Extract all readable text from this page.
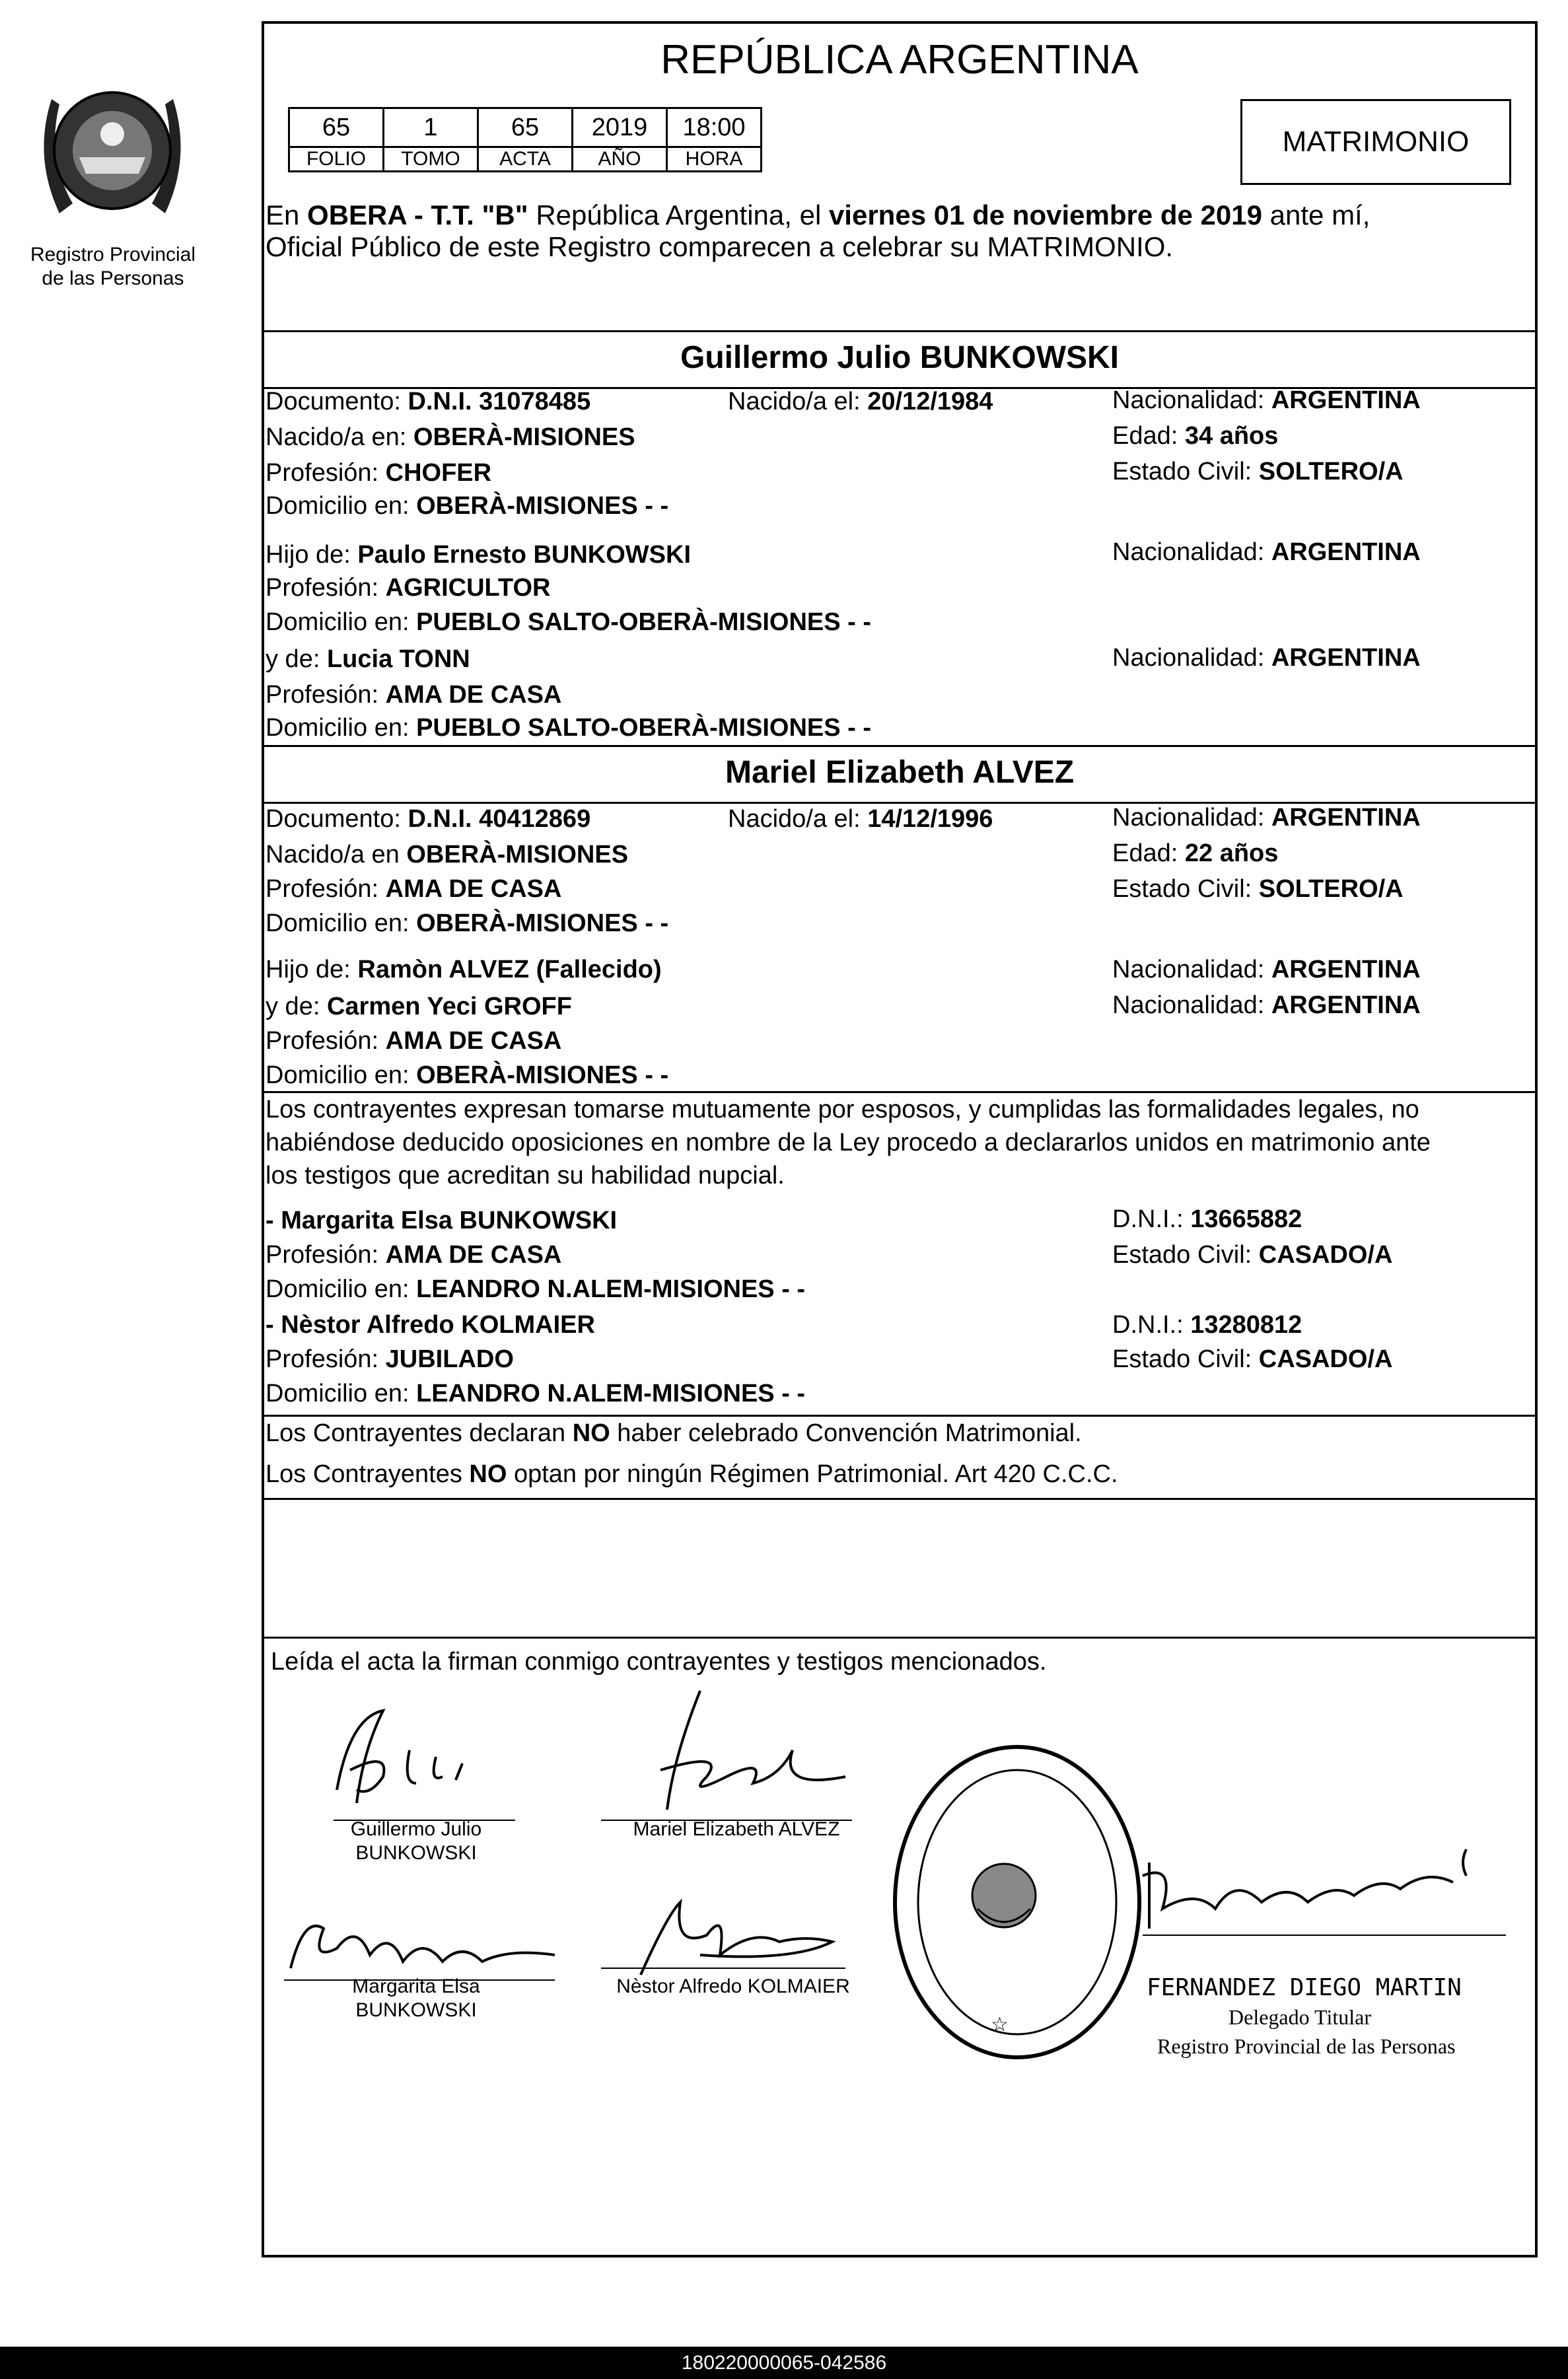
Registro Provincial
de las Personas
REPÚBLICA ARGENTINA
65	1	65	2019	18:00
FOLIO	TOMO	ACTA	AÑO	HORA
MATRIMONIO
En OBERA - T.T. "B" República Argentina, el viernes 01 de noviembre de 2019 ante mí,
Oficial Público de este Registro comparecen a celebrar su MATRIMONIO.
Guillermo Julio BUNKOWSKI
Documento: D.N.I. 31078485	Nacido/a el: 20/12/1984	Nacionalidad: ARGENTINA
Nacido/a en: OBERÀ-MISIONES	Edad: 34 años
Profesión: CHOFER	Estado Civil: SOLTERO/A
Domicilio en: OBERÀ-MISIONES - -
Hijo de: Paulo Ernesto BUNKOWSKI	Nacionalidad: ARGENTINA
Profesión: AGRICULTOR
Domicilio en: PUEBLO SALTO-OBERÀ-MISIONES - -
y de: Lucia TONN	Nacionalidad: ARGENTINA
Profesión: AMA DE CASA
Domicilio en: PUEBLO SALTO-OBERÀ-MISIONES - -
Mariel Elizabeth ALVEZ
Documento: D.N.I. 40412869	Nacido/a el: 14/12/1996	Nacionalidad: ARGENTINA
Nacido/a en OBERÀ-MISIONES	Edad: 22 años
Profesión: AMA DE CASA	Estado Civil: SOLTERO/A
Domicilio en: OBERÀ-MISIONES - -
Hijo de: Ramòn ALVEZ (Fallecido)	Nacionalidad: ARGENTINA
y de: Carmen Yeci GROFF	Nacionalidad: ARGENTINA
Profesión: AMA DE CASA
Domicilio en: OBERÀ-MISIONES - -
Los contrayentes expresan tomarse mutuamente por esposos, y cumplidas las formalidades legales, no
habiéndose deducido oposiciones en nombre de la Ley procedo a declararlos unidos en matrimonio ante
los testigos que acreditan su habilidad nupcial.
- Margarita Elsa BUNKOWSKI	D.N.I.: 13665882
Profesión: AMA DE CASA	Estado Civil: CASADO/A
Domicilio en: LEANDRO N.ALEM-MISIONES - -
- Nèstor Alfredo KOLMAIER	D.N.I.: 13280812
Profesión: JUBILADO	Estado Civil: CASADO/A
Domicilio en: LEANDRO N.ALEM-MISIONES - -
Los Contrayentes declaran NO haber celebrado Convención Matrimonial.
Los Contrayentes NO optan por ningún Régimen Patrimonial. Art 420 C.C.C.
Leída el acta la firman conmigo contrayentes y testigos mencionados.
Guillermo Julio
BUNKOWSKI
Mariel Elizabeth ALVEZ
Margarita Elsa
BUNKOWSKI
Nèstor Alfredo KOLMAIER
☆
FERNANDEZ DIEGO MARTIN
Delegado Titular
Registro Provincial de las Personas
180220000065-042586
